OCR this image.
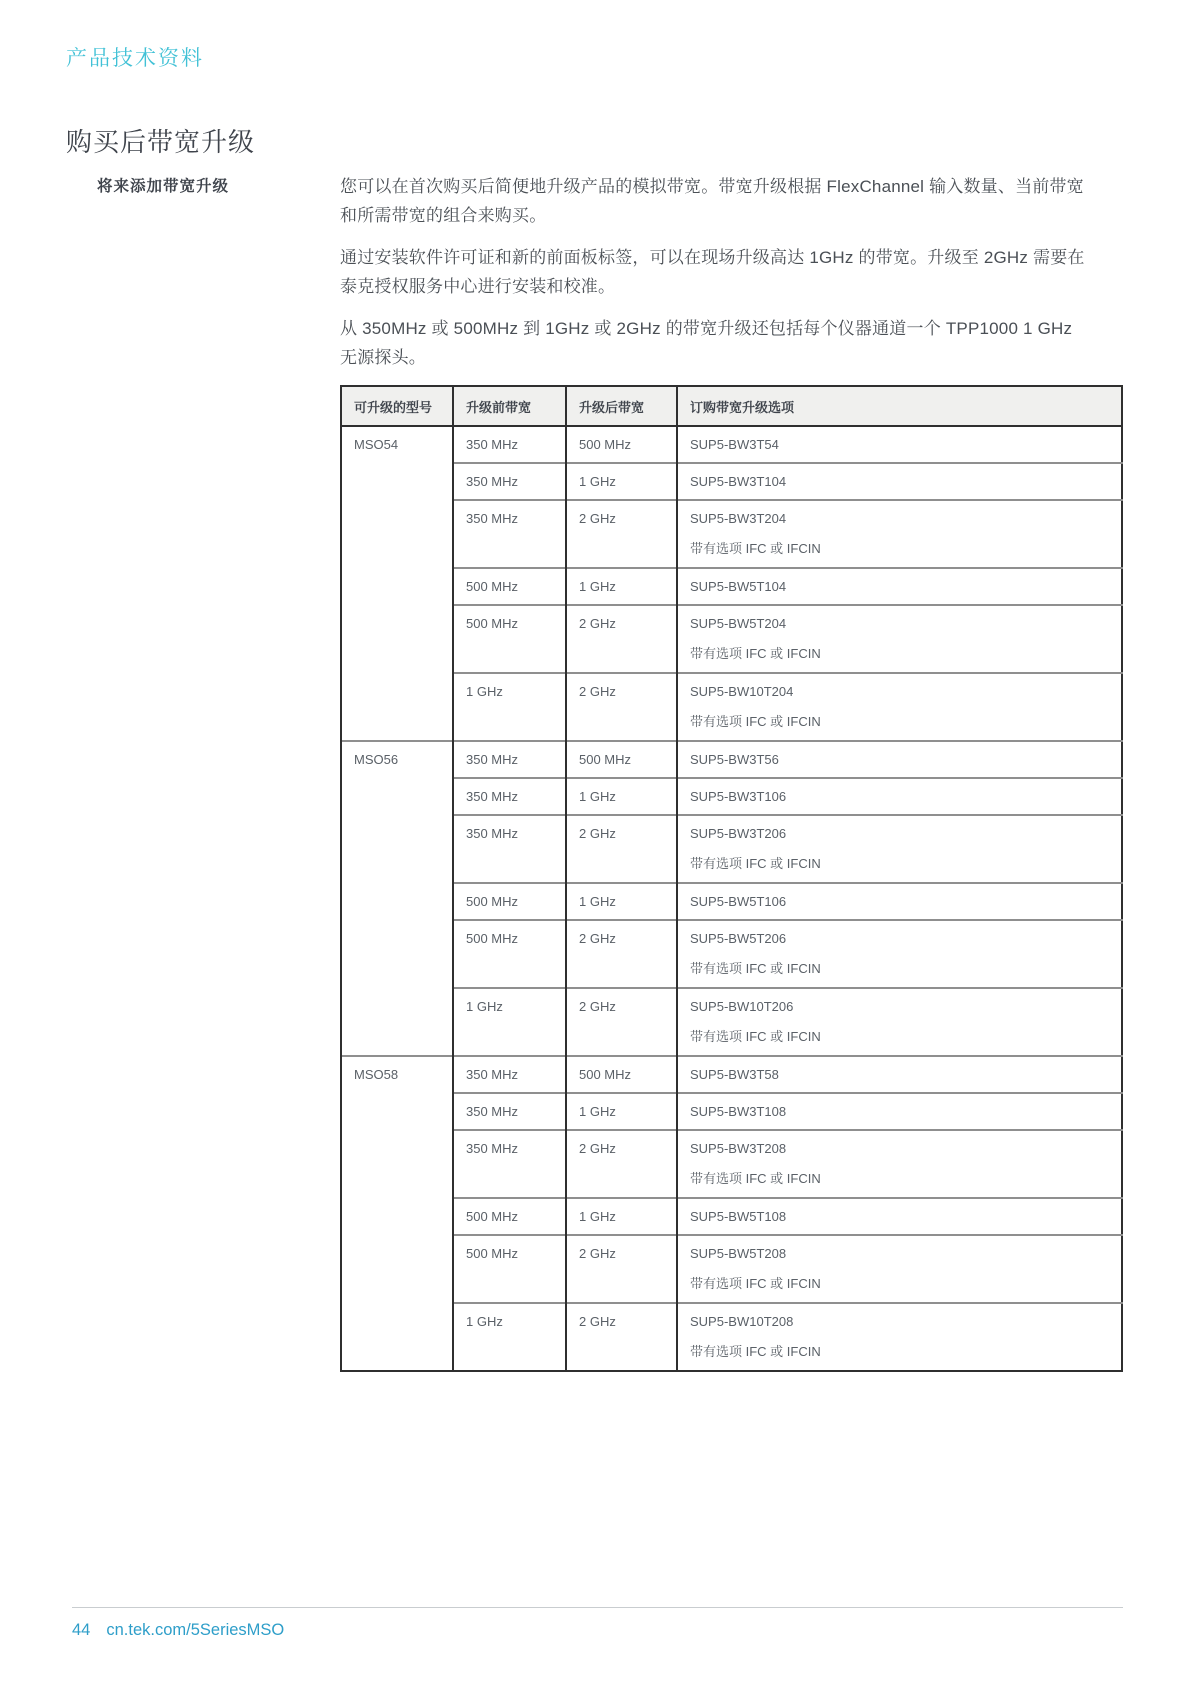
产品技术资料
购买后带宽升级
将来添加带宽升级	您可以在首次购买后简便地升级产品的模拟带宽。带宽升级根据 FlexChannel 输入数量、当前带宽和所需带宽的组合来购买。

通过安装软件许可证和新的前面板标签，可以在现场升级高达 1GHz 的带宽。升级至 2GHz 需要在泰克授权服务中心进行安装和校准。

从 350MHz 或 500MHz 到 1GHz 或 2GHz 的带宽升级还包括每个仪器通道一个 TPP1000 1 GHz 无源探头。

可升级的型号	升级前带宽	升级后带宽	订购带宽升级选项
MSO54	350 MHz	500 MHz	SUP5-BW3T54

	350 MHz	1 GHz	SUP5-BW3T104

	350 MHz	2 GHz	SUP5-BW3T204
带有选项 IFC 或 IFCIN

	500 MHz	1 GHz	SUP5-BW5T104

	500 MHz	2 GHz	SUP5-BW5T204
带有选项 IFC 或 IFCIN

	1 GHz	2 GHz	SUP5-BW10T204
带有选项 IFC 或 IFCIN

MSO56	350 MHz	500 MHz	SUP5-BW3T56

	350 MHz	1 GHz	SUP5-BW3T106

	350 MHz	2 GHz	SUP5-BW3T206
带有选项 IFC 或 IFCIN

	500 MHz	1 GHz	SUP5-BW5T106

	500 MHz	2 GHz	SUP5-BW5T206
带有选项 IFC 或 IFCIN

	1 GHz	2 GHz	SUP5-BW10T206
带有选项 IFC 或 IFCIN

MSO58	350 MHz	500 MHz	SUP5-BW3T58

	350 MHz	1 GHz	SUP5-BW3T108

	350 MHz	2 GHz	SUP5-BW3T208
带有选项 IFC 或 IFCIN

	500 MHz	1 GHz	SUP5-BW5T108

	500 MHz	2 GHz	SUP5-BW5T208
带有选项 IFC 或 IFCIN

	1 GHz	2 GHz	SUP5-BW10T208
带有选项 IFC 或 IFCIN
44 cn.tek.com/5SeriesMSO
